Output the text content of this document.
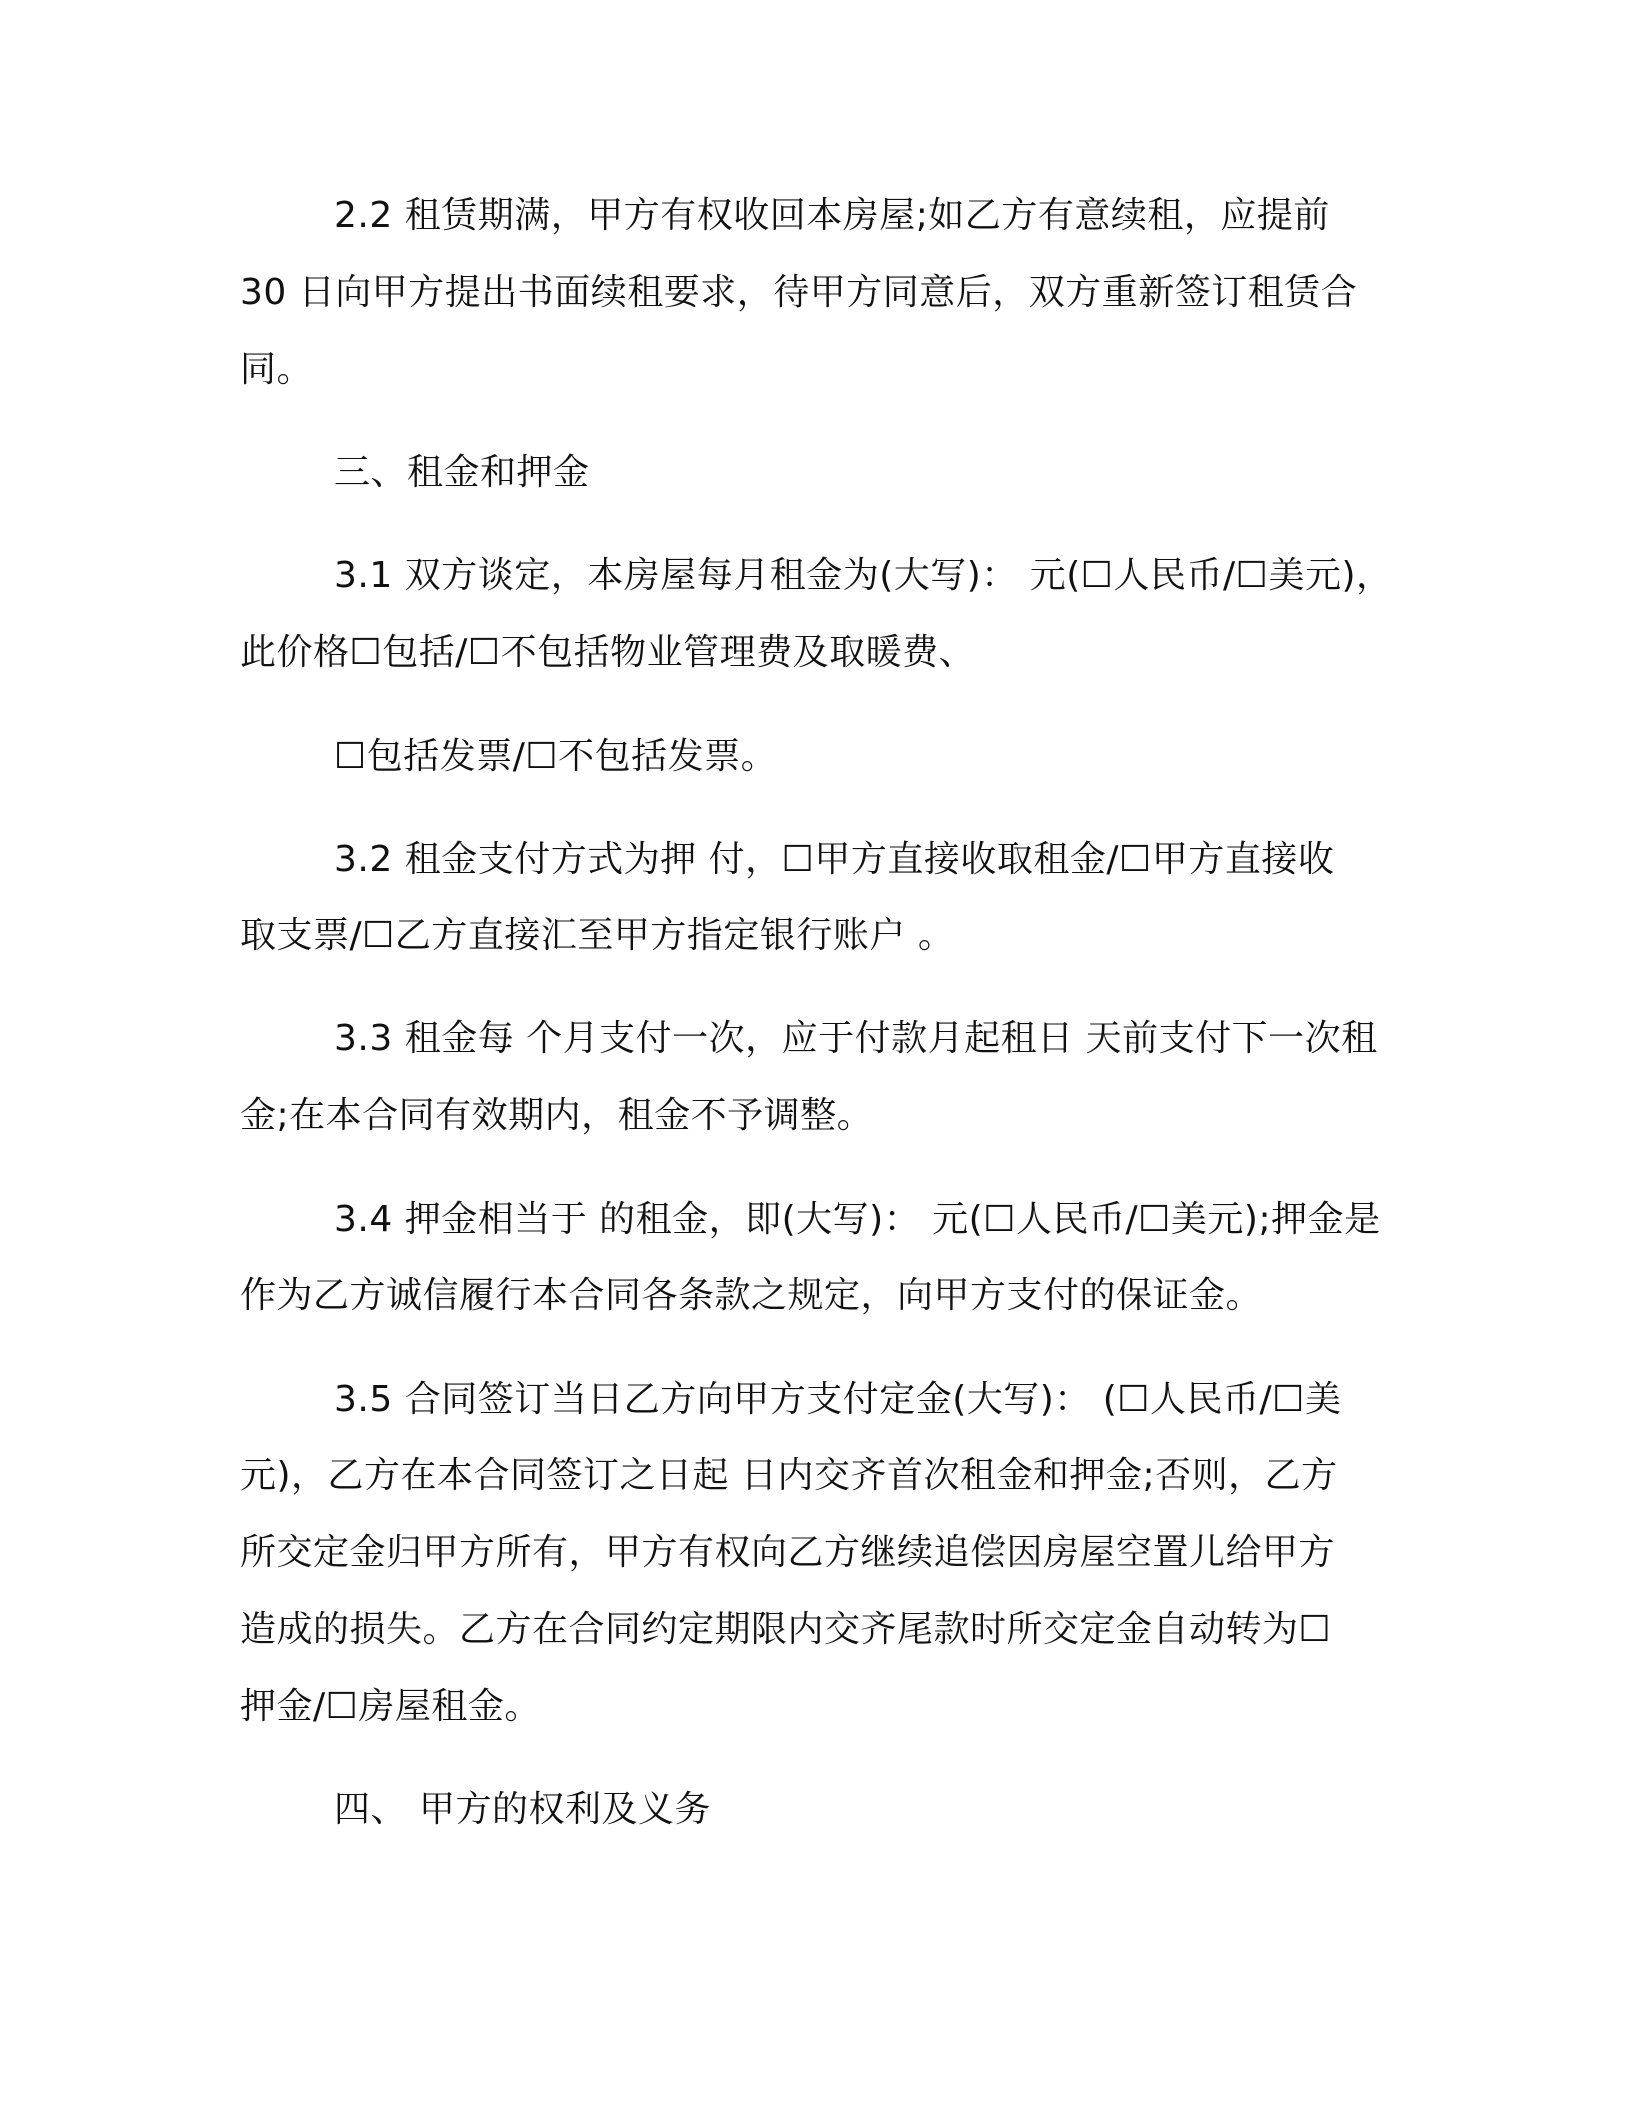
2.2 租赁期满，甲方有权收回本房屋;如乙方有意续租，应提前
30 日向甲方提出书面续租要求，待甲方同意后，双方重新签订租赁合
同。
三、租金和押金
3.1 双方谈定，本房屋每月租金为(大写)： 元(☐人民币/☐美元)，
此价格☐包括/☐不包括物业管理费及取暖费、
☐包括发票/☐不包括发票。
3.2 租金支付方式为押 付，☐甲方直接收取租金/☐甲方直接收
取支票/☐乙方直接汇至甲方指定银行账户 。
3.3 租金每 个月支付一次，应于付款月起租日 天前支付下一次租
金;在本合同有效期内，租金不予调整。
3.4 押金相当于 的租金，即(大写)： 元(☐人民币/☐美元);押金是
作为乙方诚信履行本合同各条款之规定，向甲方支付的保证金。
3.5 合同签订当日乙方向甲方支付定金(大写)： (☐人民币/☐美
元)，乙方在本合同签订之日起 日内交齐首次租金和押金;否则，乙方
所交定金归甲方所有，甲方有权向乙方继续追偿因房屋空置儿给甲方
造成的损失。乙方在合同约定期限内交齐尾款时所交定金自动转为☐
押金/☐房屋租金。
四、 甲方的权利及义务
